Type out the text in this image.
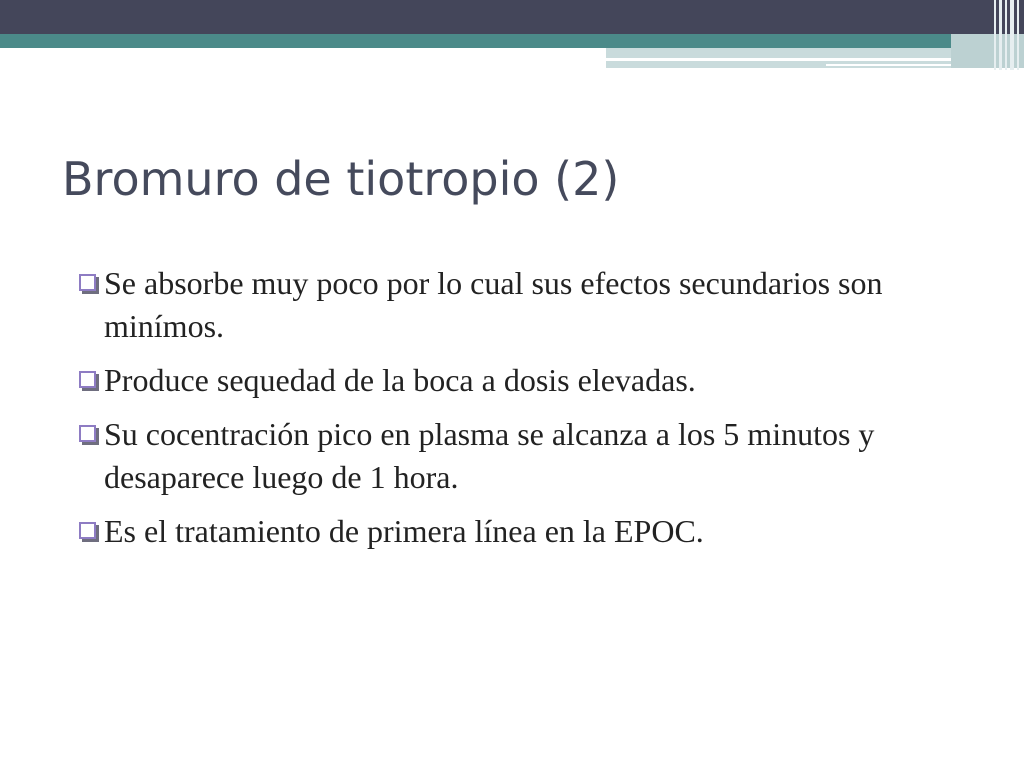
Bromuro de tiotropio (2)
Se absorbe muy poco por lo cual sus efectos secundarios son minímos.
Produce sequedad de la boca a dosis elevadas.
Su cocentración pico en plasma se alcanza a los 5 minutos y desaparece luego de 1 hora.
Es el tratamiento de primera línea en la EPOC.
